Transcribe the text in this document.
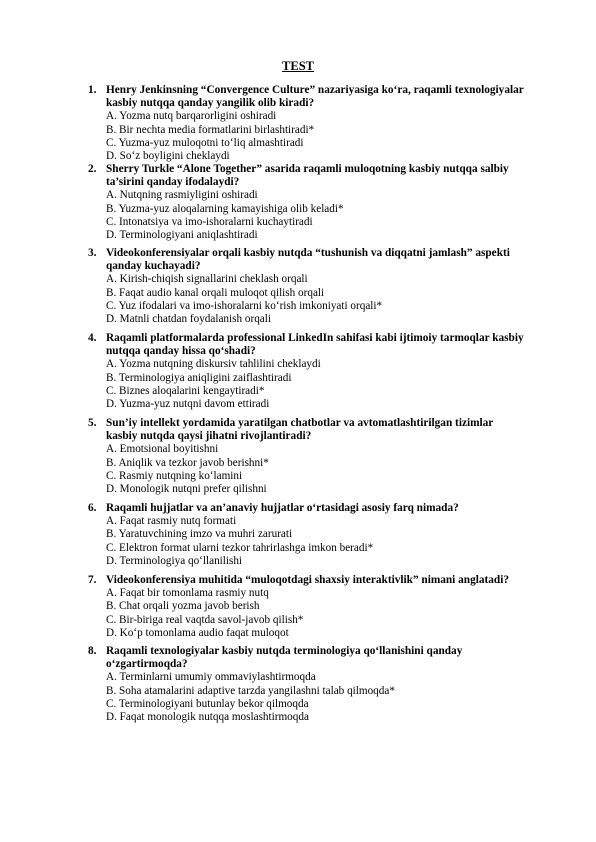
TEST
1. Henry Jenkinsning “Convergence Culture” nazariyasiga ko‘ra, raqamli texnologiyalar
kasbiy nutqqa qanday yangilik olib kiradi?
A. Yozma nutq barqarorligini oshiradi
B. Bir nechta media formatlarini birlashtiradi*
C. Yuzma-yuz muloqotni to‘liq almashtiradi
D. So‘z boyligini cheklaydi
2. Sherry Turkle “Alone Together” asarida raqamli muloqotning kasbiy nutqqa salbiy
ta’sirini qanday ifodalaydi?
A. Nutqning rasmiyligini oshiradi
B. Yuzma-yuz aloqalarning kamayishiga olib keladi*
C. Intonatsiya va imo-ishoralarni kuchaytiradi
D. Terminologiyani aniqlashtiradi
3. Videokonferensiyalar orqali kasbiy nutqda “tushunish va diqqatni jamlash” aspekti
qanday kuchayadi?
A. Kirish-chiqish signallarini cheklash orqali
B. Faqat audio kanal orqali muloqot qilish orqali
C. Yuz ifodalari va imo-ishoralarni ko‘rish imkoniyati orqali*
D. Matnli chatdan foydalanish orqali
4. Raqamli platformalarda professional LinkedIn sahifasi kabi ijtimoiy tarmoqlar kasbiy
nutqqa qanday hissa qo‘shadi?
A. Yozma nutqning diskursiv tahlilini cheklaydi
B. Terminologiya aniqligini zaiflashtiradi
C. Biznes aloqalarini kengaytiradi*
D. Yuzma-yuz nutqni davom ettiradi
5. Sun’iy intellekt yordamida yaratilgan chatbotlar va avtomatlashtirilgan tizimlar
kasbiy nutqda qaysi jihatni rivojlantiradi?
A. Emotsional boyitishni
B. Aniqlik va tezkor javob berishni*
C. Rasmiy nutqning ko‘lamini
D. Monologik nutqni prefer qilishni
6. Raqamli hujjatlar va an’anaviy hujjatlar o‘rtasidagi asosiy farq nimada?
A. Faqat rasmiy nutq formati
B. Yaratuvchining imzo va muhri zarurati
C. Elektron format ularni tezkor tahrirlashga imkon beradi*
D. Terminologiya qo‘llanilishi
7. Videokonferensiya muhitida “muloqotdagi shaxsiy interaktivlik” nimani anglatadi?
A. Faqat bir tomonlama rasmiy nutq
B. Chat orqali yozma javob berish
C. Bir-biriga real vaqtda savol-javob qilish*
D. Ko‘p tomonlama audio faqat muloqot
8. Raqamli texnologiyalar kasbiy nutqda terminologiya qo‘llanishini qanday
o‘zgartirmoqda?
A. Terminlarni umumiy ommaviylashtirmoqda
B. Soha atamalarini adaptive tarzda yangilashni talab qilmoqda*
C. Terminologiyani butunlay bekor qilmoqda
D. Faqat monologik nutqqa moslashtirmoqda
